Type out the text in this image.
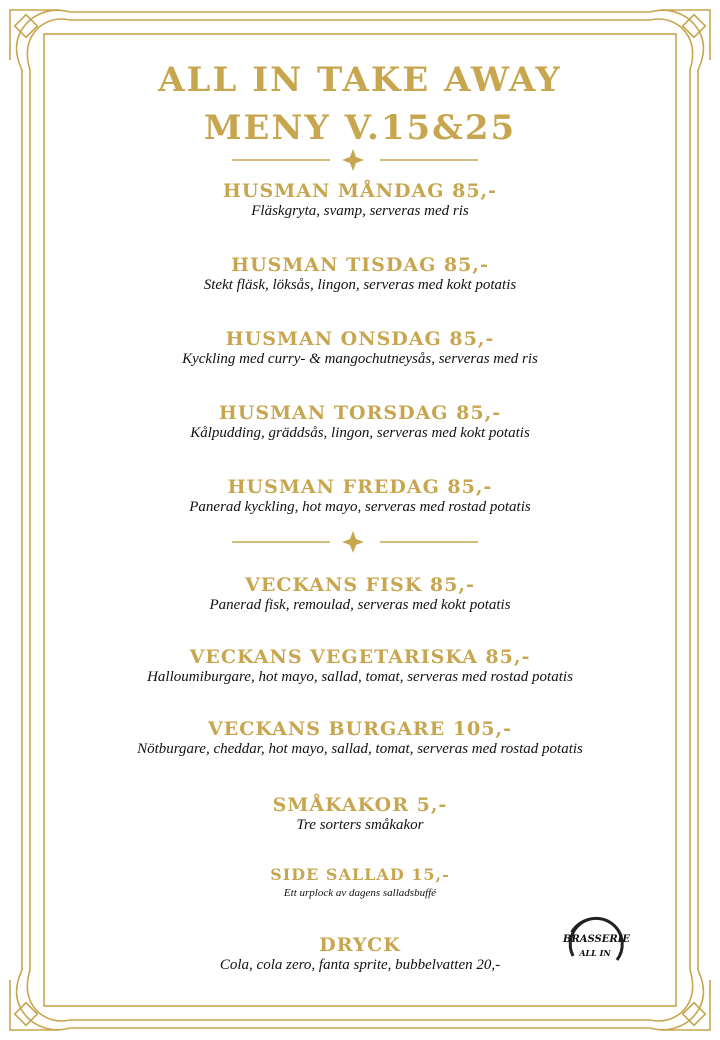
ALL IN TAKE AWAY
MENY V.15&25
HUSMAN MÅNDAG 85,-
Fläskgryta, svamp, serveras med ris
HUSMAN TISDAG 85,-
Stekt fläsk, löksås, lingon, serveras med kokt potatis
HUSMAN ONSDAG 85,-
Kyckling med curry- & mangochutneysås, serveras med ris
HUSMAN TORSDAG 85,-
Kålpudding, gräddsås, lingon, serveras med kokt potatis
HUSMAN FREDAG 85,-
Panerad kyckling, hot mayo, serveras med rostad potatis
VECKANS FISK 85,-
Panerad fisk, remoulad, serveras med kokt potatis
VECKANS VEGETARISKA 85,-
Halloumiburgare, hot mayo, sallad, tomat, serveras med rostad potatis
VECKANS BURGARE 105,-
Nötburgare, cheddar, hot mayo, sallad, tomat, serveras med rostad potatis
SMÅKAKOR 5,-
Tre sorters småkakor
SIDE SALLAD 15,-
Ett urplock av dagens salladsbuffé
DRYCK
Cola, cola zero, fanta sprite, bubbelvatten 20,-
BRASSERIE
ALL IN
